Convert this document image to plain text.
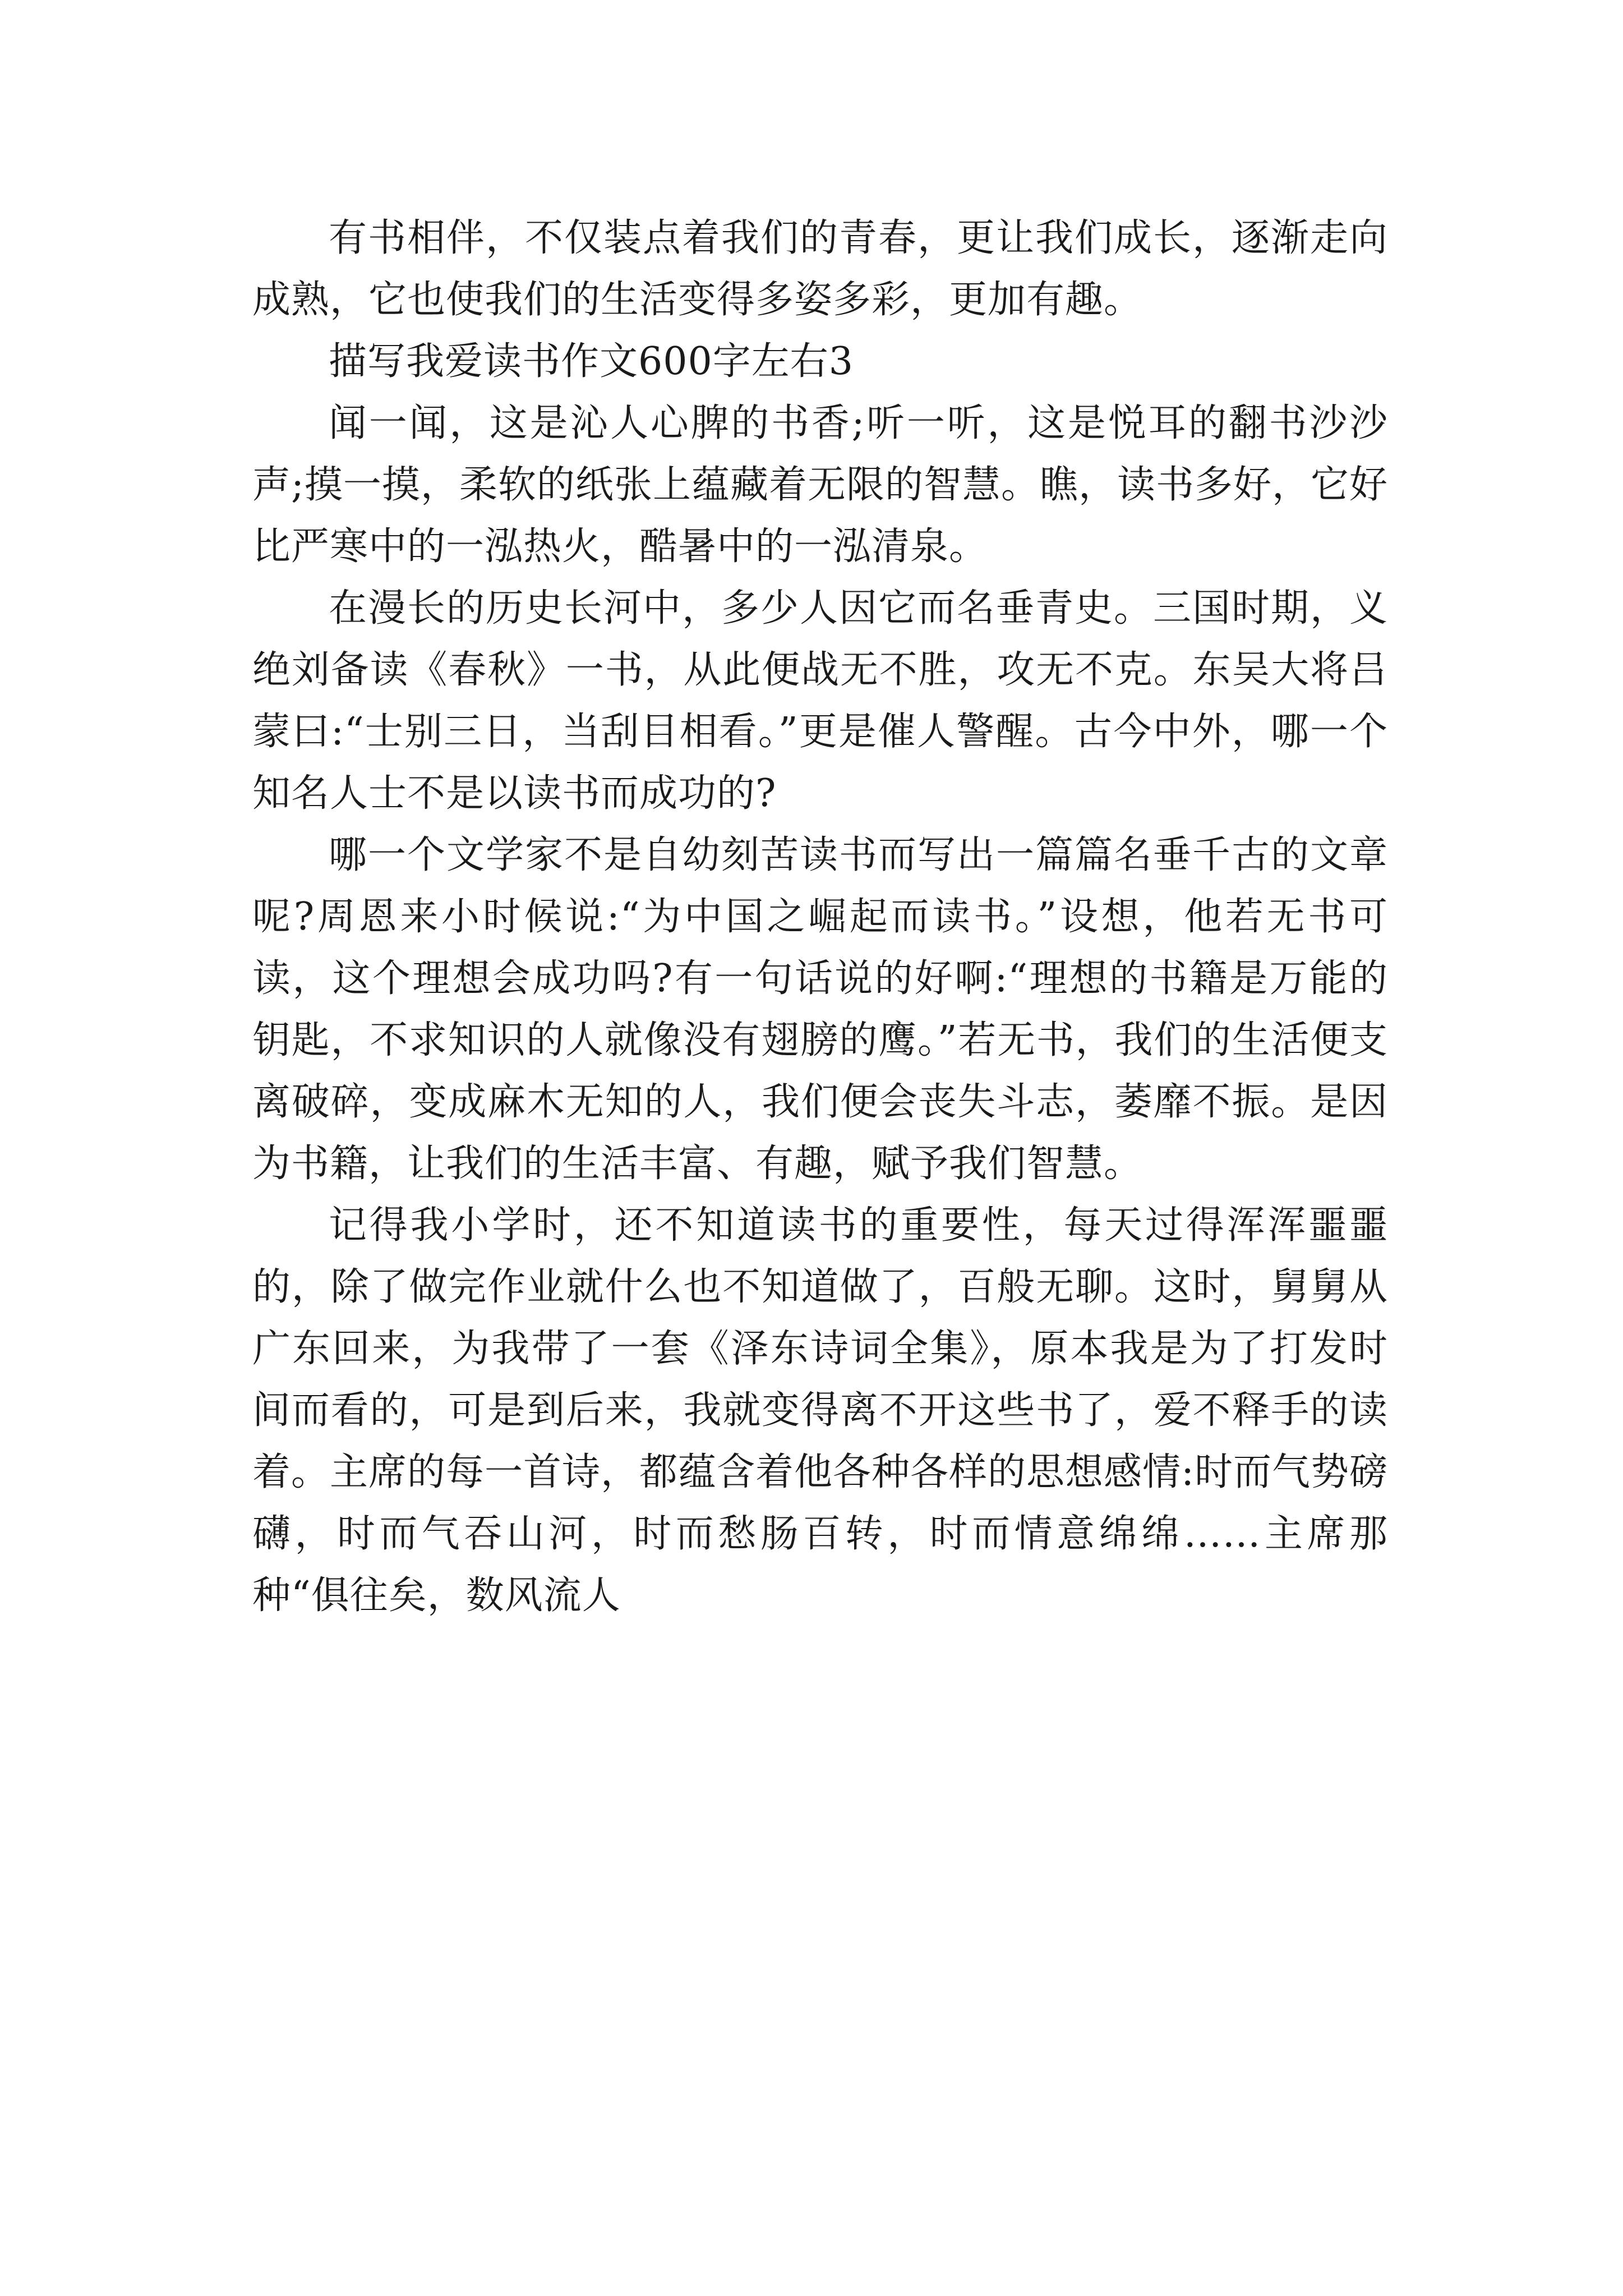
有书相伴，不仅装点着我们的青春，更让我们成长，逐渐走向成熟，它也使我们的生活变得多姿多彩，更加有趣。

描写我爱读书作文600字左右3

闻一闻，这是沁人心脾的书香;听一听，这是悦耳的翻书沙沙声;摸一摸，柔软的纸张上蕴藏着无限的智慧。瞧，读书多好，它好比严寒中的一泓热火，酷暑中的一泓清泉。

在漫长的历史长河中，多少人因它而名垂青史。三国时期，义绝刘备读《春秋》一书，从此便战无不胜，攻无不克。东吴大将吕蒙曰:“士别三日，当刮目相看。”更是催人警醒。古今中外，哪一个知名人士不是以读书而成功的?

哪一个文学家不是自幼刻苦读书而写出一篇篇名垂千古的文章呢?周恩来小时候说:“为中国之崛起而读书。”设想，他若无书可读，这个理想会成功吗?有一句话说的好啊:“理想的书籍是万能的钥匙，不求知识的人就像没有翅膀的鹰。”若无书，我们的生活便支离破碎，变成麻木无知的人，我们便会丧失斗志，萎靡不振。是因为书籍，让我们的生活丰富、有趣，赋予我们智慧。

记得我小学时，还不知道读书的重要性，每天过得浑浑噩噩的，除了做完作业就什么也不知道做了，百般无聊。这时，舅舅从广东回来，为我带了一套《泽东诗词全集》，原本我是为了打发时间而看的，可是到后来，我就变得离不开这些书了，爱不释手的读着。主席的每一首诗，都蕴含着他各种各样的思想感情:时而气势磅礴，时而气吞山河，时而愁肠百转，时而情意绵绵……主席那种“俱往矣，数风流人
